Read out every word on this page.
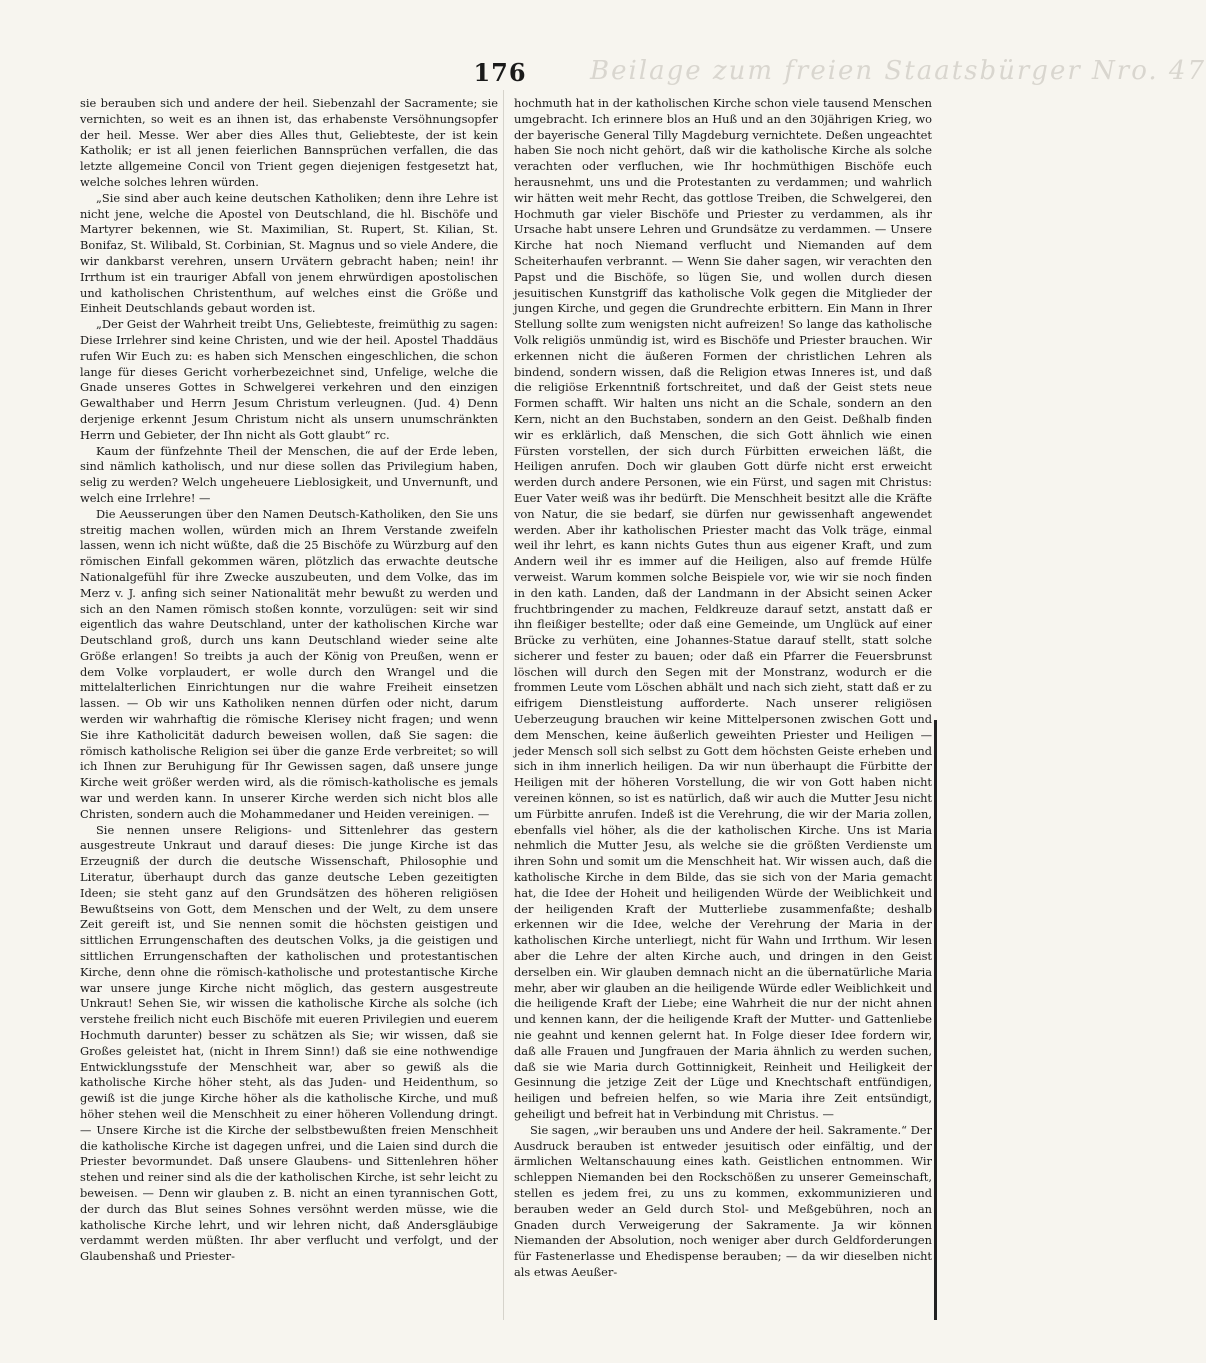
Beilage zum freien Staatsbürger Nro. 47
176

sie berauben sich und andere der heil. Siebenzahl der Sacramente; sie vernichten, so weit es an ihnen ist, das erhabenste Versöhnungsopfer der heil. Messe. Wer aber dies Alles thut, Geliebteste, der ist kein Katholik; er ist all jenen feierlichen Bannsprüchen verfallen, die das letzte allgemeine Concil von Trient gegen diejenigen festgesetzt hat, welche solches lehren würden.

„Sie sind aber auch keine deutschen Katholiken; denn ihre Lehre ist nicht jene, welche die Apostel von Deutschland, die hl. Bischöfe und Martyrer bekennen, wie St. Maximilian, St. Rupert, St. Kilian, St. Bonifaz, St. Wilibald, St. Corbinian, St. Magnus und so viele Andere, die wir dankbarst verehren, unsern Urvätern gebracht haben; nein! ihr Irrthum ist ein trauriger Abfall von jenem ehrwürdigen apostolischen und katholischen Christenthum, auf welches einst die Größe und Einheit Deutschlands gebaut worden ist.

„Der Geist der Wahrheit treibt Uns, Geliebteste, freimüthig zu sagen: Diese Irrlehrer sind keine Christen, und wie der heil. Apostel Thaddäus rufen Wir Euch zu: es haben sich Menschen eingeschlichen, die schon lange für dieses Gericht vorherbezeichnet sind, Unfelige, welche die Gnade unseres Gottes in Schwelgerei verkehren und den einzigen Gewalthaber und Herrn Jesum Christum verleugnen. (Jud. 4) Denn derjenige erkennt Jesum Christum nicht als unsern unumschränkten Herrn und Gebieter, der Ihn nicht als Gott glaubt“ rc.

Kaum der fünfzehnte Theil der Menschen, die auf der Erde leben, sind nämlich katholisch, und nur diese sollen das Privilegium haben, selig zu werden? Welch ungeheuere Lieblosigkeit, und Unvernunft, und welch eine Irrlehre! —

Die Aeusserungen über den Namen Deutsch-Katholiken, den Sie uns streitig machen wollen, würden mich an Ihrem Verstande zweifeln lassen, wenn ich nicht wüßte, daß die 25 Bischöfe zu Würzburg auf den römischen Einfall gekommen wären, plötzlich das erwachte deutsche Nationalgefühl für ihre Zwecke auszubeuten, und dem Volke, das im Merz v. J. anfing sich seiner Nationalität mehr bewußt zu werden und sich an den Namen römisch stoßen konnte, vorzulügen: seit wir sind eigentlich das wahre Deutschland, unter der katholischen Kirche war Deutschland groß, durch uns kann Deutschland wieder seine alte Größe erlangen! So treibts ja auch der König von Preußen, wenn er dem Volke vorplaudert, er wolle durch den Wrangel und die mittelalterlichen Einrichtungen nur die wahre Freiheit einsetzen lassen. — Ob wir uns Katholiken nennen dürfen oder nicht, darum werden wir wahrhaftig die römische Klerisey nicht fragen; und wenn Sie ihre Katholicität dadurch beweisen wollen, daß Sie sagen: die römisch katholische Religion sei über die ganze Erde verbreitet; so will ich Ihnen zur Beruhigung für Ihr Gewissen sagen, daß unsere junge Kirche weit größer werden wird, als die römisch-katholische es jemals war und werden kann. In unserer Kirche werden sich nicht blos alle Christen, sondern auch die Mohammedaner und Heiden vereinigen. —

Sie nennen unsere Religions- und Sittenlehrer das gestern ausgestreute Unkraut und darauf dieses: Die junge Kirche ist das Erzeugniß der durch die deutsche Wissenschaft, Philosophie und Literatur, überhaupt durch das ganze deutsche Leben gezeitigten Ideen; sie steht ganz auf den Grundsätzen des höheren religiösen Bewußtseins von Gott, dem Menschen und der Welt, zu dem unsere Zeit gereift ist, und Sie nennen somit die höchsten geistigen und sittlichen Errungenschaften des deutschen Volks, ja die geistigen und sittlichen Errungenschaften der katholischen und protestantischen Kirche, denn ohne die römisch-katholische und protestantische Kirche war unsere junge Kirche nicht möglich, das gestern ausgestreute Unkraut! Sehen Sie, wir wissen die katholische Kirche als solche (ich verstehe freilich nicht euch Bischöfe mit eueren Privilegien und euerem Hochmuth darunter) besser zu schätzen als Sie; wir wissen, daß sie Großes geleistet hat, (nicht in Ihrem Sinn!) daß sie eine nothwendige Entwicklungsstufe der Menschheit war, aber so gewiß als die katholische Kirche höher steht, als das Juden- und Heidenthum, so gewiß ist die junge Kirche höher als die katholische Kirche, und muß höher stehen weil die Menschheit zu einer höheren Vollendung dringt. — Unsere Kirche ist die Kirche der selbstbewußten freien Menschheit die katholische Kirche ist dagegen unfrei, und die Laien sind durch die Priester bevormundet. Daß unsere Glaubens- und Sittenlehren höher stehen und reiner sind als die der katholischen Kirche, ist sehr leicht zu beweisen. — Denn wir glauben z. B. nicht an einen tyrannischen Gott, der durch das Blut seines Sohnes versöhnt werden müsse, wie die katholische Kirche lehrt, und wir lehren nicht, daß Andersgläubige verdammt werden müßten. Ihr aber verflucht und verfolgt, und der Glaubenshaß und Priester-

hochmuth hat in der katholischen Kirche schon viele tausend Menschen umgebracht. Ich erinnere blos an Huß und an den 30jährigen Krieg, wo der bayerische General Tilly Magdeburg vernichtete. Deßen ungeachtet haben Sie noch nicht gehört, daß wir die katholische Kirche als solche verachten oder verfluchen, wie Ihr hochmüthigen Bischöfe euch herausnehmt, uns und die Protestanten zu verdammen; und wahrlich wir hätten weit mehr Recht, das gottlose Treiben, die Schwelgerei, den Hochmuth gar vieler Bischöfe und Priester zu verdammen, als ihr Ursache habt unsere Lehren und Grundsätze zu verdammen. — Unsere Kirche hat noch Niemand verflucht und Niemanden auf dem Scheiterhaufen verbrannt. — Wenn Sie daher sagen, wir verachten den Papst und die Bischöfe, so lügen Sie, und wollen durch diesen jesuitischen Kunstgriff das katholische Volk gegen die Mitglieder der jungen Kirche, und gegen die Grundrechte erbittern. Ein Mann in Ihrer Stellung sollte zum wenigsten nicht aufreizen! So lange das katholische Volk religiös unmündig ist, wird es Bischöfe und Priester brauchen. Wir erkennen nicht die äußeren Formen der christlichen Lehren als bindend, sondern wissen, daß die Religion etwas Inneres ist, und daß die religiöse Erkenntniß fortschreitet, und daß der Geist stets neue Formen schafft. Wir halten uns nicht an die Schale, sondern an den Kern, nicht an den Buchstaben, sondern an den Geist. Deßhalb finden wir es erklärlich, daß Menschen, die sich Gott ähnlich wie einen Fürsten vorstellen, der sich durch Fürbitten erweichen läßt, die Heiligen anrufen. Doch wir glauben Gott dürfe nicht erst erweicht werden durch andere Personen, wie ein Fürst, und sagen mit Christus: Euer Vater weiß was ihr bedürft. Die Menschheit besitzt alle die Kräfte von Natur, die sie bedarf, sie dürfen nur gewissenhaft angewendet werden. Aber ihr katholischen Priester macht das Volk träge, einmal weil ihr lehrt, es kann nichts Gutes thun aus eigener Kraft, und zum Andern weil ihr es immer auf die Heiligen, also auf fremde Hülfe verweist. Warum kommen solche Beispiele vor, wie wir sie noch finden in den kath. Landen, daß der Landmann in der Absicht seinen Acker fruchtbringender zu machen, Feldkreuze darauf setzt, anstatt daß er ihn fleißiger bestellte; oder daß eine Gemeinde, um Unglück auf einer Brücke zu verhüten, eine Johannes-Statue darauf stellt, statt solche sicherer und fester zu bauen; oder daß ein Pfarrer die Feuersbrunst löschen will durch den Segen mit der Monstranz, wodurch er die frommen Leute vom Löschen abhält und nach sich zieht, statt daß er zu eifrigem Dienstleistung aufforderte. Nach unserer religiösen Ueberzeugung brauchen wir keine Mittelpersonen zwischen Gott und dem Menschen, keine äußerlich geweihten Priester und Heiligen — jeder Mensch soll sich selbst zu Gott dem höchsten Geiste erheben und sich in ihm innerlich heiligen. Da wir nun überhaupt die Fürbitte der Heiligen mit der höheren Vorstellung, die wir von Gott haben nicht vereinen können, so ist es natürlich, daß wir auch die Mutter Jesu nicht um Fürbitte anrufen. Indeß ist die Verehrung, die wir der Maria zollen, ebenfalls viel höher, als die der katholischen Kirche. Uns ist Maria nehmlich die Mutter Jesu, als welche sie die größten Verdienste um ihren Sohn und somit um die Menschheit hat. Wir wissen auch, daß die katholische Kirche in dem Bilde, das sie sich von der Maria gemacht hat, die Idee der Hoheit und heiligenden Würde der Weiblichkeit und der heiligenden Kraft der Mutterliebe zusammenfaßte; deshalb erkennen wir die Idee, welche der Verehrung der Maria in der katholischen Kirche unterliegt, nicht für Wahn und Irrthum. Wir lesen aber die Lehre der alten Kirche auch, und dringen in den Geist derselben ein. Wir glauben demnach nicht an die übernatürliche Maria mehr, aber wir glauben an die heiligende Würde edler Weiblichkeit und die heiligende Kraft der Liebe; eine Wahrheit die nur der nicht ahnen und kennen kann, der die heiligende Kraft der Mutter- und Gattenliebe nie geahnt und kennen gelernt hat. In Folge dieser Idee fordern wir, daß alle Frauen und Jungfrauen der Maria ähnlich zu werden suchen, daß sie wie Maria durch Gottinnigkeit, Reinheit und Heiligkeit der Gesinnung die jetzige Zeit der Lüge und Knechtschaft entfündigen, heiligen und befreien helfen, so wie Maria ihre Zeit entsündigt, geheiligt und befreit hat in Verbindung mit Christus. —

Sie sagen, „wir berauben uns und Andere der heil. Sakramente.“ Der Ausdruck berauben ist entweder jesuitisch oder einfältig, und der ärmlichen Weltanschauung eines kath. Geistlichen entnommen. Wir schleppen Niemanden bei den Rockschößen zu unserer Gemeinschaft, stellen es jedem frei, zu uns zu kommen, exkommunizieren und berauben weder an Geld durch Stol- und Meßgebühren, noch an Gnaden durch Verweigerung der Sakramente. Ja wir können Niemanden der Absolution, noch weniger aber durch Geldforderungen für Fastenerlasse und Ehedispense berauben; — da wir dieselben nicht als etwas Aeußer-
